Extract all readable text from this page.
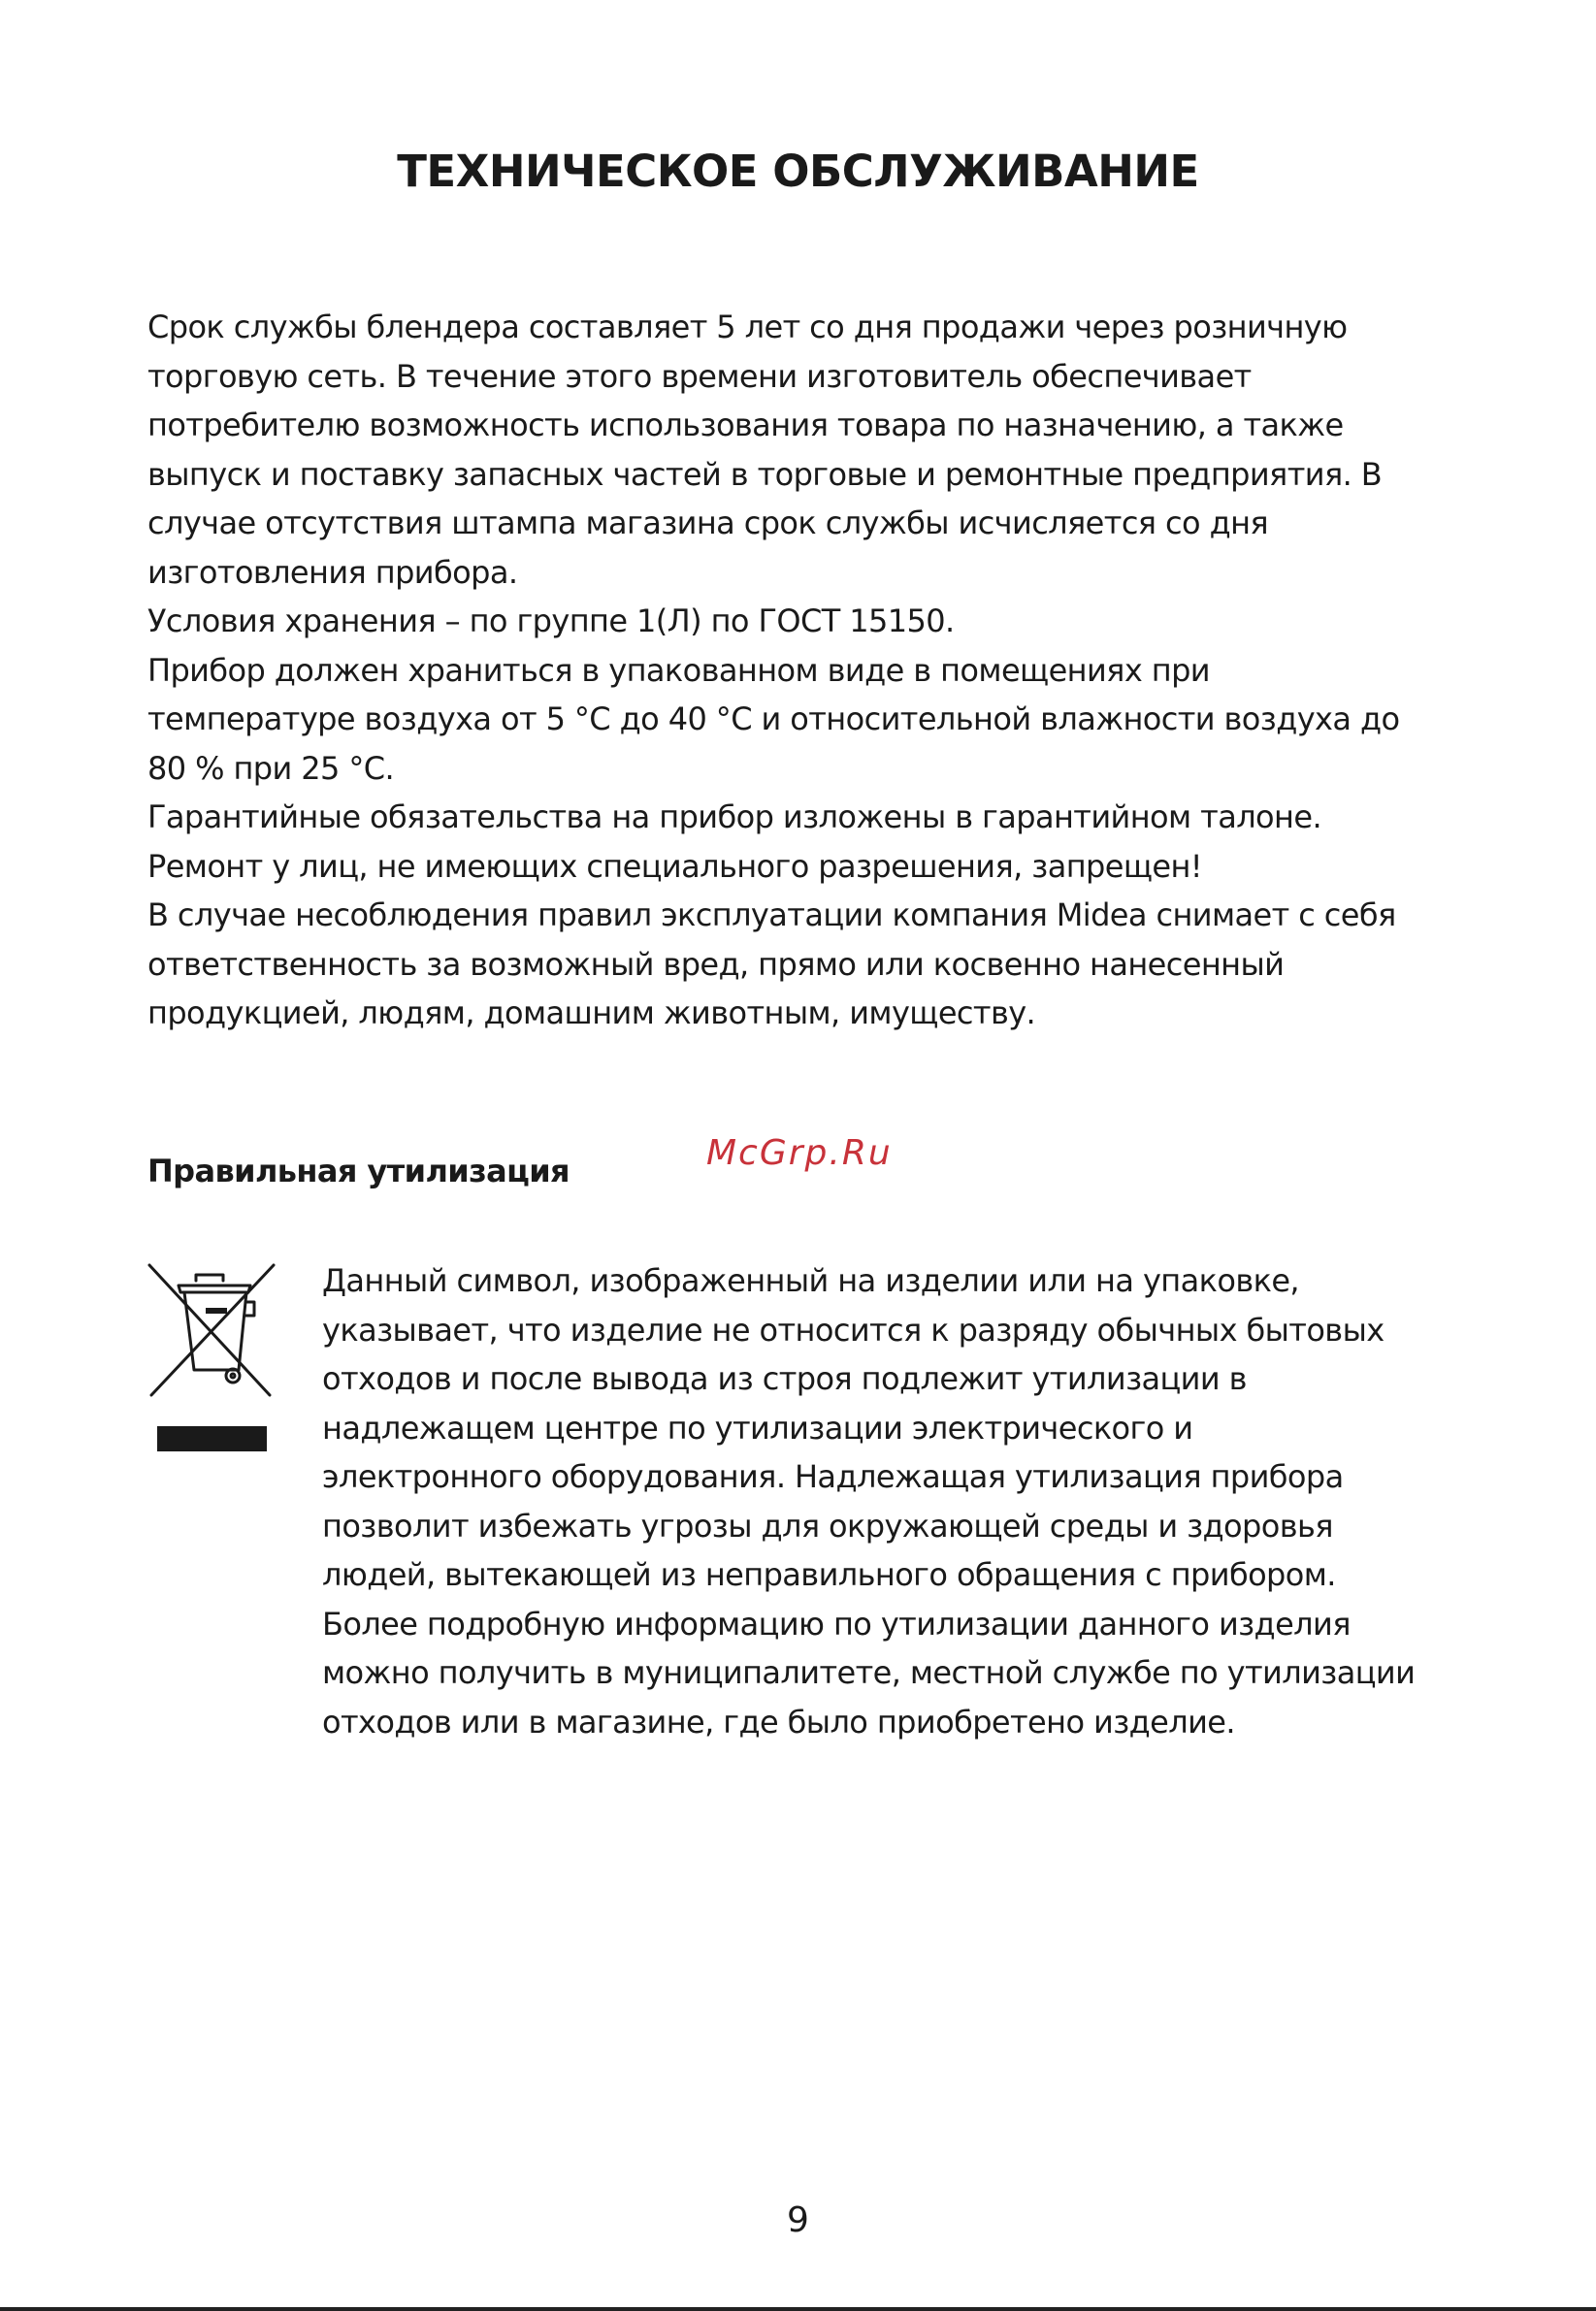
ТЕХНИЧЕСКОЕ ОБСЛУЖИВАНИЕ
Срок службы блендера составляет 5 лет со дня продажи через розничную
торговую сеть. В течение этого времени изготовитель обеспечивает
потребителю возможность использования товара по назначению, а также
выпуск и поставку запасных частей в торговые и ремонтные предприятия. В
случае отсутствия штампа магазина срок службы исчисляется со дня
изготовления прибора.
Условия хранения – по группе 1(Л) по ГОСТ 15150.
Прибор должен храниться в упакованном виде в помещениях при
температуре воздуха от 5 °C до 40 °C и относительной влажности воздуха до
80 % при 25 °C.
Гарантийные обязательства на прибор изложены в гарантийном талоне.
Ремонт у лиц, не имеющих специального разрешения, запрещен!
В случае несоблюдения правил эксплуатации компания Midea снимает с себя
ответственность за возможный вред, прямо или косвенно нанесенный
продукцией, людям, домашним животным, имуществу.
Правильная утилизация	McGrp.Ru
Данный символ, изображенный на изделии или на упаковке,
указывает, что изделие не относится к разряду обычных бытовых
отходов и после вывода из строя подлежит утилизации в
надлежащем центре по утилизации электрического и
электронного оборудования. Надлежащая утилизация прибора
позволит избежать угрозы для окружающей среды и здоровья
людей, вытекающей из неправильного обращения с прибором.
Более подробную информацию по утилизации данного изделия
можно получить в муниципалитете, местной службе по утилизации
отходов или в магазине, где было приобретено изделие.
9
